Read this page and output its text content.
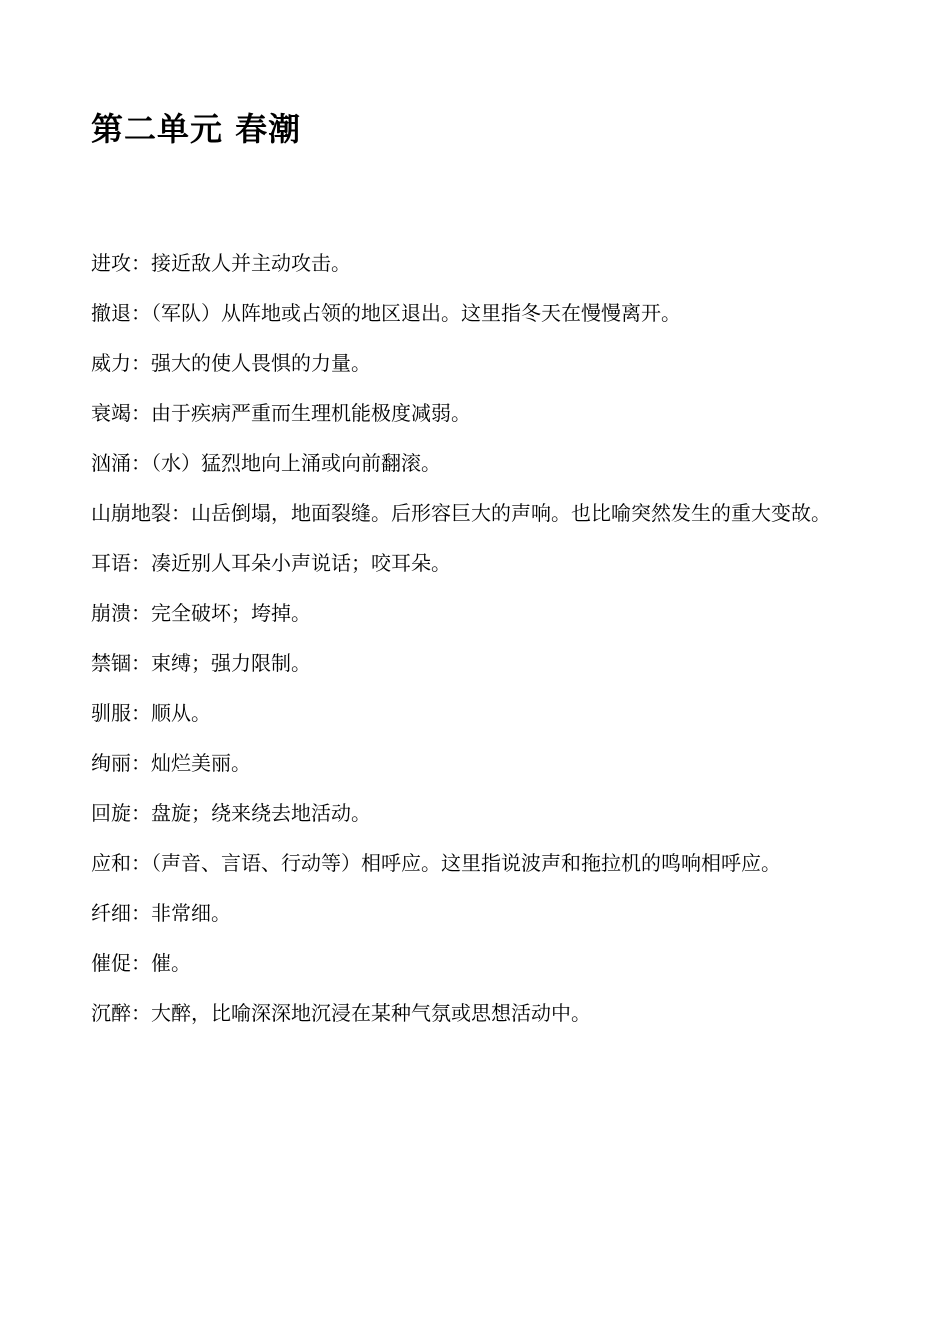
第二单元 春潮
进攻：接近敌人并主动攻击。
撤退：（军队）从阵地或占领的地区退出。这里指冬天在慢慢离开。
威力：强大的使人畏惧的力量。
衰竭：由于疾病严重而生理机能极度减弱。
汹涌：（水）猛烈地向上涌或向前翻滚。
山崩地裂：山岳倒塌，地面裂缝。后形容巨大的声响。也比喻突然发生的重大变故。
耳语：凑近别人耳朵小声说话；咬耳朵。
崩溃：完全破坏；垮掉。
禁锢：束缚；强力限制。
驯服：顺从。
绚丽：灿烂美丽。
回旋：盘旋；绕来绕去地活动。
应和：（声音、言语、行动等）相呼应。这里指说波声和拖拉机的鸣响相呼应。
纤细：非常细。
催促：催。
沉醉：大醉，比喻深深地沉浸在某种气氛或思想活动中。
